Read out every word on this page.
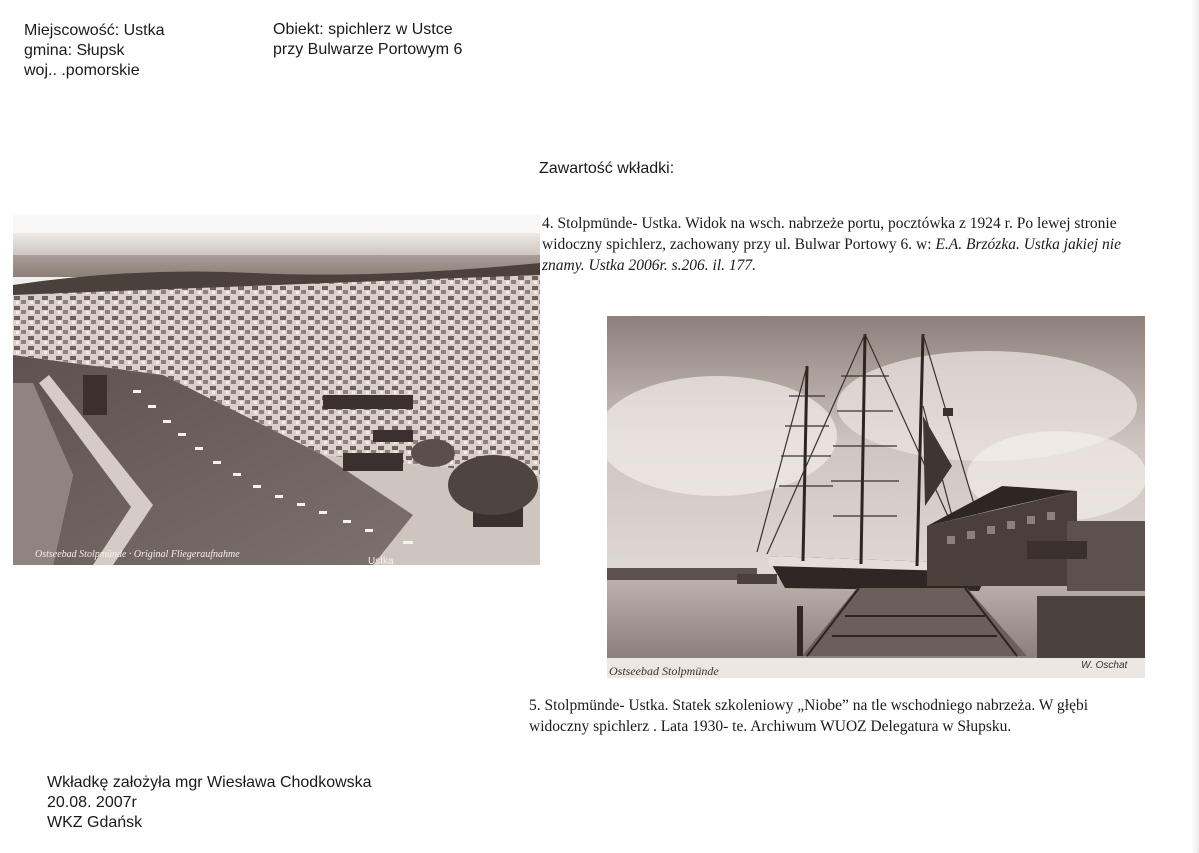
Miejscowość: Ustka
gmina: Słupsk
woj.. .pomorskie
Obiekt: spichlerz w Ustce
przy Bulwarze Portowym 6
Zawartość wkładki:
4. Stolpmünde- Ustka. Widok na wsch. nabrzeże portu, pocztówka z 1924 r. Po lewej stronie
widoczny spichlerz, zachowany przy ul. Bulwar Portowy 6. w: E.A. Brzózka. Ustka jakiej nie
znamy. Ustka 2006r. s.206. il. 177.
Ostseebad Stolpmünde · Original Fliegeraufnahme
Ustka
Ostseebad Stolpmünde	W. Oschat
5. Stolpmünde- Ustka. Statek szkoleniowy „Niobe” na tle wschodniego nabrzeża. W głębi
widoczny spichlerz . Lata 1930- te. Archiwum WUOZ Delegatura w Słupsku.
Wkładkę założyła mgr Wiesława Chodkowska
20.08. 2007r
WKZ Gdańsk
